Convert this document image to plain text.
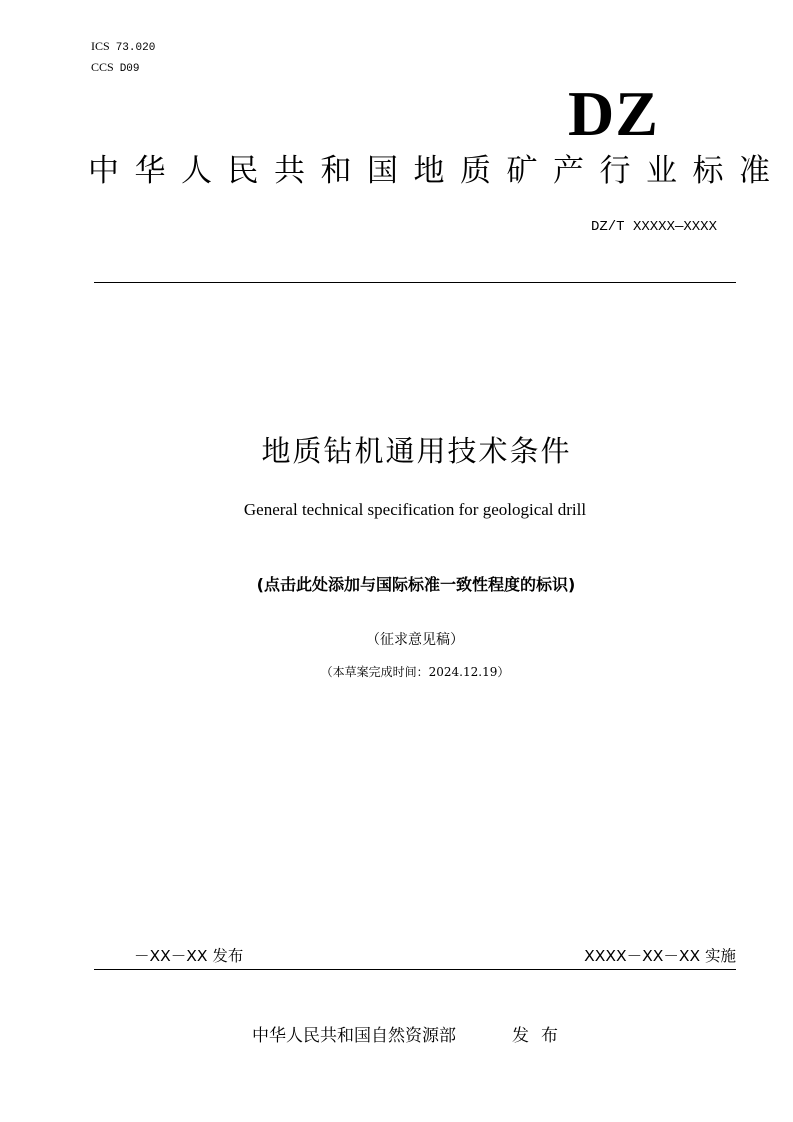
ICS 73.020
CCS D09
DZ
中华人民共和国地质矿产行业标准
DZ/T XXXXX—XXXX
地质钻机通用技术条件
General technical specification for geological drill
(点击此处添加与国际标准一致性程度的标识)
（征求意见稿）
（本草案完成时间：2024.12.19）
－XX－XX 发布	XXXX－XX－XX 实施
中华人民共和国自然资源部	发布
